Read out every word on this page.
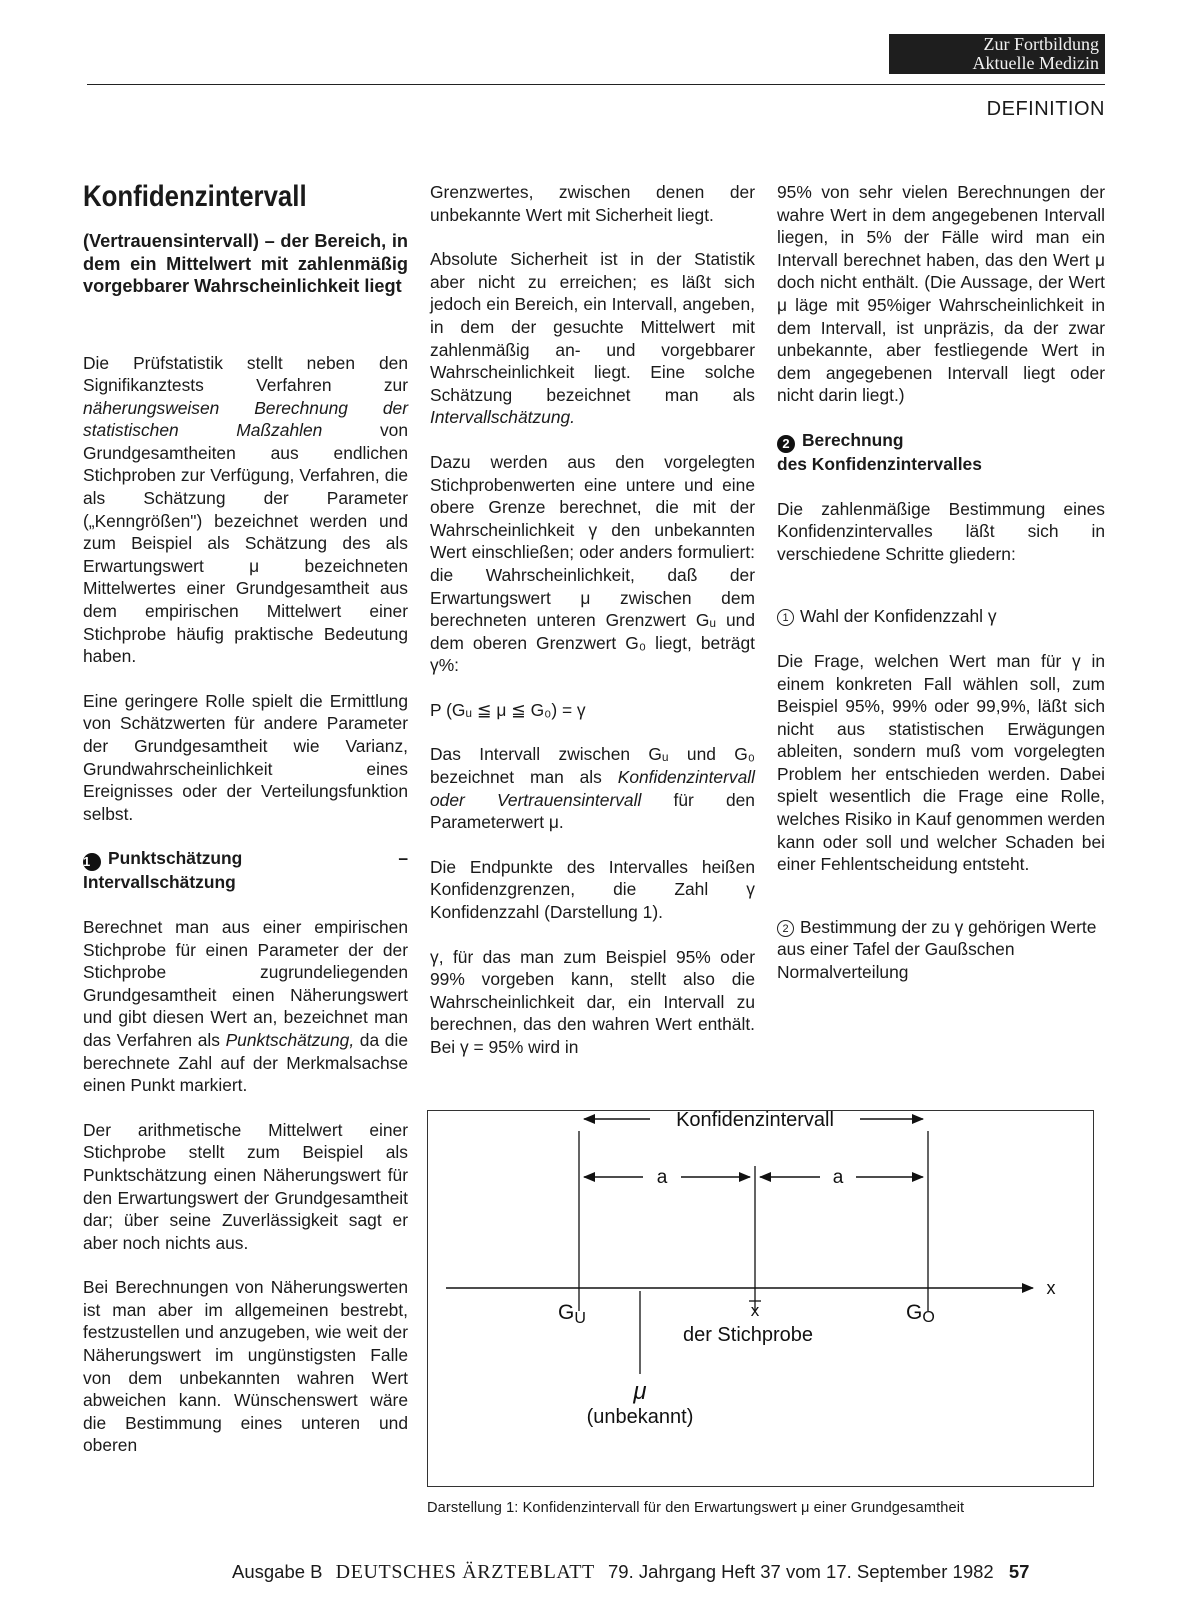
Zur Fortbildung
Aktuelle Medizin
DEFINITION
Konfidenzintervall
(Vertrauensintervall) – der Bereich, in dem ein Mittelwert mit zahlenmäßig vorgebbarer Wahrscheinlichkeit liegt

Die Prüfstatistik stellt neben den Signifikanztests Verfahren zur näherungsweisen Berechnung der statistischen Maßzahlen von Grundgesamtheiten aus endlichen Stichproben zur Verfügung, Verfahren, die als Schätzung der Parameter („Kenngrößen") bezeichnet werden und zum Beispiel als Schätzung des als Erwartungswert μ bezeichneten Mittelwertes einer Grundgesamtheit aus dem empirischen Mittelwert einer Stichprobe häufig praktische Bedeutung haben.

Eine geringere Rolle spielt die Ermittlung von Schätzwerten für andere Parameter der Grundgesamtheit wie Varianz, Grundwahrscheinlichkeit eines Ereignisses oder der Verteilungsfunktion selbst.

1 Punktschätzung – Intervallschätzung

Berechnet man aus einer empirischen Stichprobe für einen Parameter der der Stichprobe zugrundeliegenden Grundgesamtheit einen Näherungswert und gibt diesen Wert an, bezeichnet man das Verfahren als Punktschätzung, da die berechnete Zahl auf der Merkmalsachse einen Punkt markiert.

Der arithmetische Mittelwert einer Stichprobe stellt zum Beispiel als Punktschätzung einen Näherungswert für den Erwartungswert der Grundgesamtheit dar; über seine Zuverlässigkeit sagt er aber noch nichts aus.

Bei Berechnungen von Näherungswerten ist man aber im allgemeinen bestrebt, festzustellen und anzugeben, wie weit der Näherungswert im ungünstigsten Falle von dem unbekannten wahren Wert abweichen kann. Wünschenswert wäre die Bestimmung eines unteren und oberen

Grenzwertes, zwischen denen der unbekannte Wert mit Sicherheit liegt.

Absolute Sicherheit ist in der Statistik aber nicht zu erreichen; es läßt sich jedoch ein Bereich, ein Intervall, angeben, in dem der gesuchte Mittelwert mit zahlenmäßig an- und vorgebbarer Wahrscheinlichkeit liegt. Eine solche Schätzung bezeichnet man als Intervallschätzung.

Dazu werden aus den vorgelegten Stichprobenwerten eine untere und eine obere Grenze berechnet, die mit der Wahrscheinlichkeit γ den unbekannten Wert einschließen; oder anders formuliert: die Wahrscheinlichkeit, daß der Erwartungswert μ zwischen dem berechneten unteren Grenzwert Gᵤ und dem oberen Grenzwert G₀ liegt, beträgt γ%:

P (Gᵤ ≦ μ ≦ G₀) = γ

Das Intervall zwischen Gᵤ und G₀ bezeichnet man als Konfidenzintervall oder Vertrauensintervall für den Parameterwert μ.

Die Endpunkte des Intervalles heißen Konfidenzgrenzen, die Zahl γ Konfidenzzahl (Darstellung 1).

γ, für das man zum Beispiel 95% oder 99% vorgeben kann, stellt also die Wahrscheinlichkeit dar, ein Intervall zu berechnen, das den wahren Wert enthält. Bei γ = 95% wird in

95% von sehr vielen Berechnungen der wahre Wert in dem angegebenen Intervall liegen, in 5% der Fälle wird man ein Intervall berechnet haben, das den Wert μ doch nicht enthält. (Die Aussage, der Wert μ läge mit 95%iger Wahrscheinlichkeit in dem Intervall, ist unpräzis, da der zwar unbekannte, aber festliegende Wert in dem angegebenen Intervall liegt oder nicht darin liegt.)

2 Berechnung
des Konfidenzintervalles

Die zahlenmäßige Bestimmung eines Konfidenzintervalles läßt sich in verschiedene Schritte gliedern:

1 Wahl der Konfidenzzahl γ

Die Frage, welchen Wert man für γ in einem konkreten Fall wählen soll, zum Beispiel 95%, 99% oder 99,9%, läßt sich nicht aus statistischen Erwägungen ableiten, sondern muß vom vorgelegten Problem her entschieden werden. Dabei spielt wesentlich die Frage eine Rolle, welches Risiko in Kauf genommen werden kann oder soll und welcher Schaden bei einer Fehlentscheidung entsteht.

2 Bestimmung der zu γ gehörigen Werte aus einer Tafel der Gaußschen Normalverteilung

Konfidenzintervall
a	a
x
GU	GO
x
der Stichprobe
μ
(unbekannt)
Darstellung 1: Konfidenzintervall für den Erwartungswert μ einer Grundgesamtheit
Ausgabe B DEUTSCHES ÄRZTEBLATT 79. Jahrgang Heft 37 vom 17. September 1982 57
